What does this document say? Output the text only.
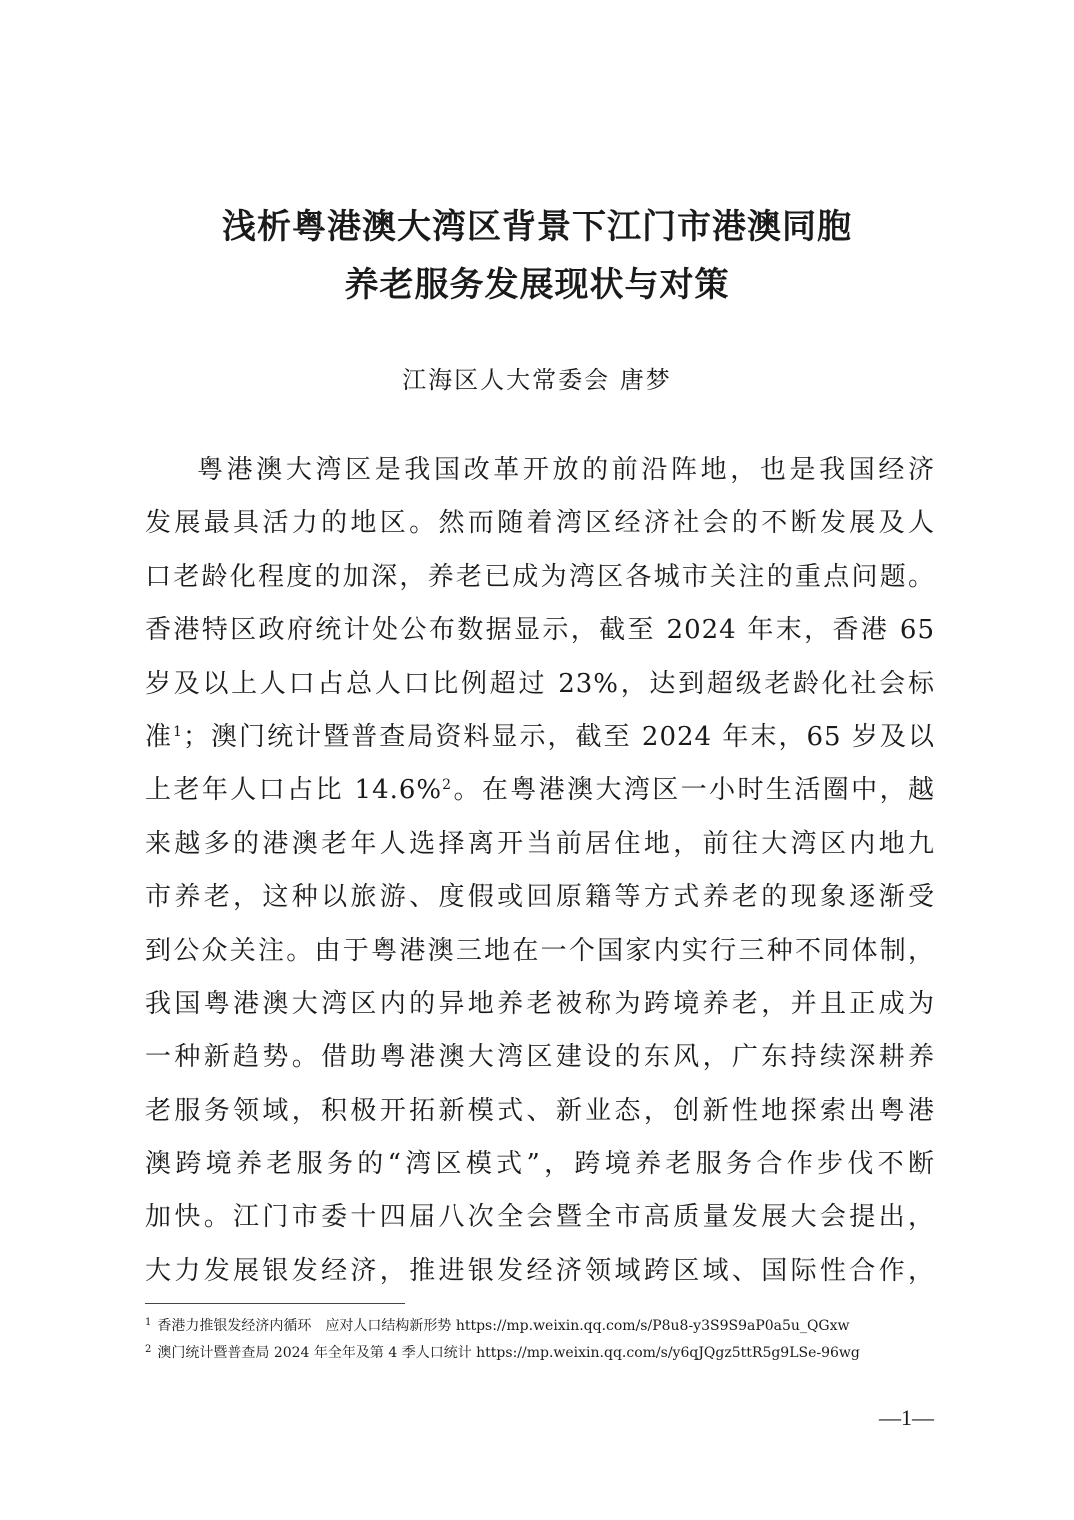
浅析粤港澳大湾区背景下江门市港澳同胞
养老服务发展现状与对策
江海区人大常委会 唐梦
粤港澳大湾区是我国改革开放的前沿阵地，也是我国经济
发展最具活力的地区。然而随着湾区经济社会的不断发展及人
口老龄化程度的加深，养老已成为湾区各城市关注的重点问题。
香港特区政府统计处公布数据显示，截至 2024 年末，香港 65
岁及以上人口占总人口比例超过 23%，达到超级老龄化社会标
准$^1$；澳门统计暨普查局资料显示，截至 2024 年末，65 岁及以
上老年人口占比 14.6%$^2$。在粤港澳大湾区一小时生活圈中，越
来越多的港澳老年人选择离开当前居住地，前往大湾区内地九
市养老，这种以旅游、度假或回原籍等方式养老的现象逐渐受
到公众关注。由于粤港澳三地在一个国家内实行三种不同体制，
我国粤港澳大湾区内的异地养老被称为跨境养老，并且正成为
一种新趋势。借助粤港澳大湾区建设的东风，广东持续深耕养
老服务领域，积极开拓新模式、新业态，创新性地探索出粤港
澳跨境养老服务的“湾区模式”，跨境养老服务合作步伐不断
加快。江门市委十四届八次全会暨全市高质量发展大会提出，
大力发展银发经济，推进银发经济领域跨区域、国际性合作，
$^1$ 香港力推银发经济内循环　应对人口结构新形势 https://mp.weixin.qq.com/s/P8u8-y3S9S9aP0a5u_QGxw
$^2$ 澳门统计暨普查局 2024 年全年及第 4 季人口统计 https://mp.weixin.qq.com/s/y6qJQgz5ttR5g9LSe-96wg
—1—
